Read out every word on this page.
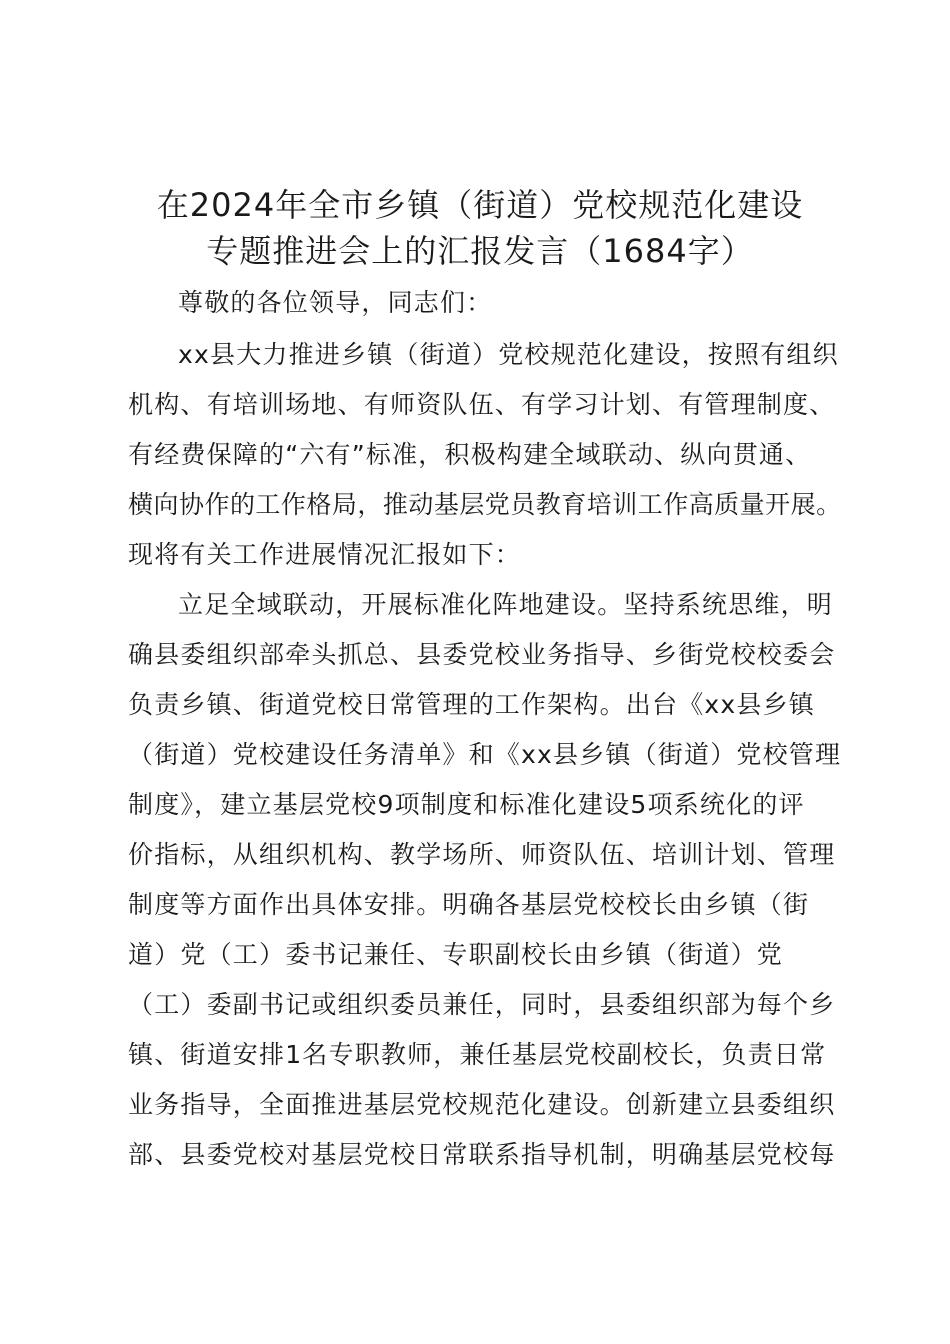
在2024年全市乡镇（街道）党校规范化建设
专题推进会上的汇报发言（1684字）
尊敬的各位领导，同志们：
xx县大力推进乡镇（街道）党校规范化建设，按照有组织
机构、有培训场地、有师资队伍、有学习计划、有管理制度、
有经费保障的“六有”标准，积极构建全域联动、纵向贯通、
横向协作的工作格局，推动基层党员教育培训工作高质量开展。
现将有关工作进展情况汇报如下：
立足全域联动，开展标准化阵地建设。坚持系统思维，明
确县委组织部牵头抓总、县委党校业务指导、乡街党校校委会
负责乡镇、街道党校日常管理的工作架构。出台《xx县乡镇
（街道）党校建设任务清单》和《xx县乡镇（街道）党校管理
制度》，建立基层党校9项制度和标准化建设5项系统化的评
价指标，从组织机构、教学场所、师资队伍、培训计划、管理
制度等方面作出具体安排。明确各基层党校校长由乡镇（街
道）党（工）委书记兼任、专职副校长由乡镇（街道）党
（工）委副书记或组织委员兼任，同时，县委组织部为每个乡
镇、街道安排1名专职教师，兼任基层党校副校长，负责日常
业务指导，全面推进基层党校规范化建设。创新建立县委组织
部、县委党校对基层党校日常联系指导机制，明确基层党校每
